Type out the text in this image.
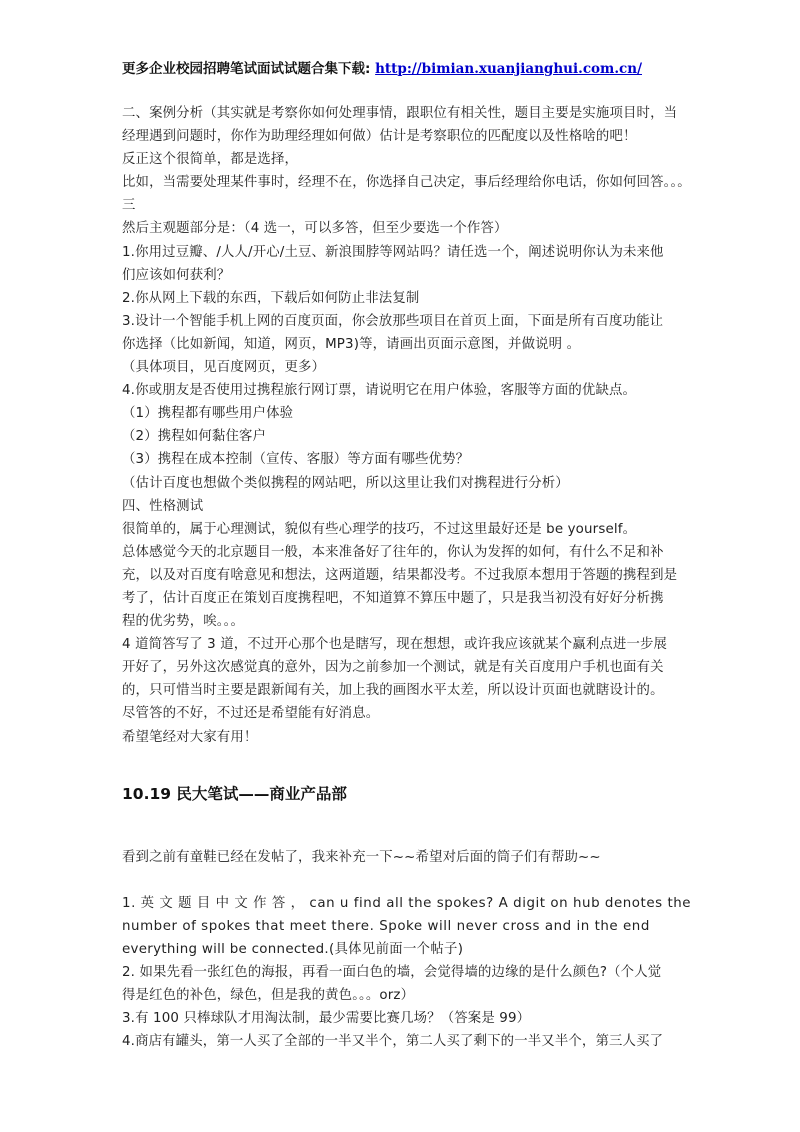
更多企业校园招聘笔试面试试题合集下载: http://bimian.xuanjianghui.com.cn/

二、案例分析（其实就是考察你如何处理事情，跟职位有相关性，题目主要是实施项目时，当

经理遇到问题时，你作为助理经理如何做）估计是考察职位的匹配度以及性格啥的吧！

反正这个很简单，都是选择，

比如，当需要处理某件事时，经理不在，你选择自己决定，事后经理给你电话，你如何回答。。。

三

然后主观题部分是：（4 选一，可以多答，但至少要选一个作答）

1.你用过豆瓣、/人人/开心/土豆、新浪围脖等网站吗？请任选一个，阐述说明你认为未来他

们应该如何获利？

2.你从网上下载的东西，下载后如何防止非法复制

3.设计一个智能手机上网的百度页面，你会放那些项目在首页上面，下面是所有百度功能让

你选择（比如新闻，知道，网页，MP3)等，请画出页面示意图，并做说明 。

（具体项目，见百度网页，更多）

4.你或朋友是否使用过携程旅行网订票，请说明它在用户体验，客服等方面的优缺点。

（1）携程都有哪些用户体验

（2）携程如何黏住客户

（3）携程在成本控制（宣传、客服）等方面有哪些优势？

（估计百度也想做个类似携程的网站吧，所以这里让我们对携程进行分析）

四、性格测试

很简单的，属于心理测试，貌似有些心理学的技巧，不过这里最好还是 be yourself。

总体感觉今天的北京题目一般，本来准备好了往年的，你认为发挥的如何，有什么不足和补

充，以及对百度有啥意见和想法，这两道题，结果都没考。不过我原本想用于答题的携程到是

考了，估计百度正在策划百度携程吧，不知道算不算压中题了，只是我当初没有好好分析携

程的优劣势，唉。。。

4 道简答写了 3 道，不过开心那个也是瞎写，现在想想，或许我应该就某个赢利点进一步展

开好了，另外这次感觉真的意外，因为之前参加一个测试，就是有关百度用户手机也面有关

的，只可惜当时主要是跟新闻有关，加上我的画图水平太差，所以设计页面也就瞎设计的。

尽管答的不好，不过还是希望能有好消息。

希望笔经对大家有用！

10.19 民大笔试——商业产品部

看到之前有童鞋已经在发帖了，我来补充一下~~希望对后面的筒子们有帮助~~

1. 英 文 题 目 中 文 作 答 ， can u find all the spokes? A digit on hub denotes the

number of spokes that meet there. Spoke will never cross and in the end

everything will be connected.(具体见前面一个帖子)

2. 如果先看一张红色的海报，再看一面白色的墙，会觉得墙的边缘的是什么颜色?（个人觉

得是红色的补色，绿色，但是我的黄色。。。orz）

3.有 100 只棒球队才用淘汰制，最少需要比赛几场？（答案是 99）

4.商店有罐头，第一人买了全部的一半又半个，第二人买了剩下的一半又半个，第三人买了
